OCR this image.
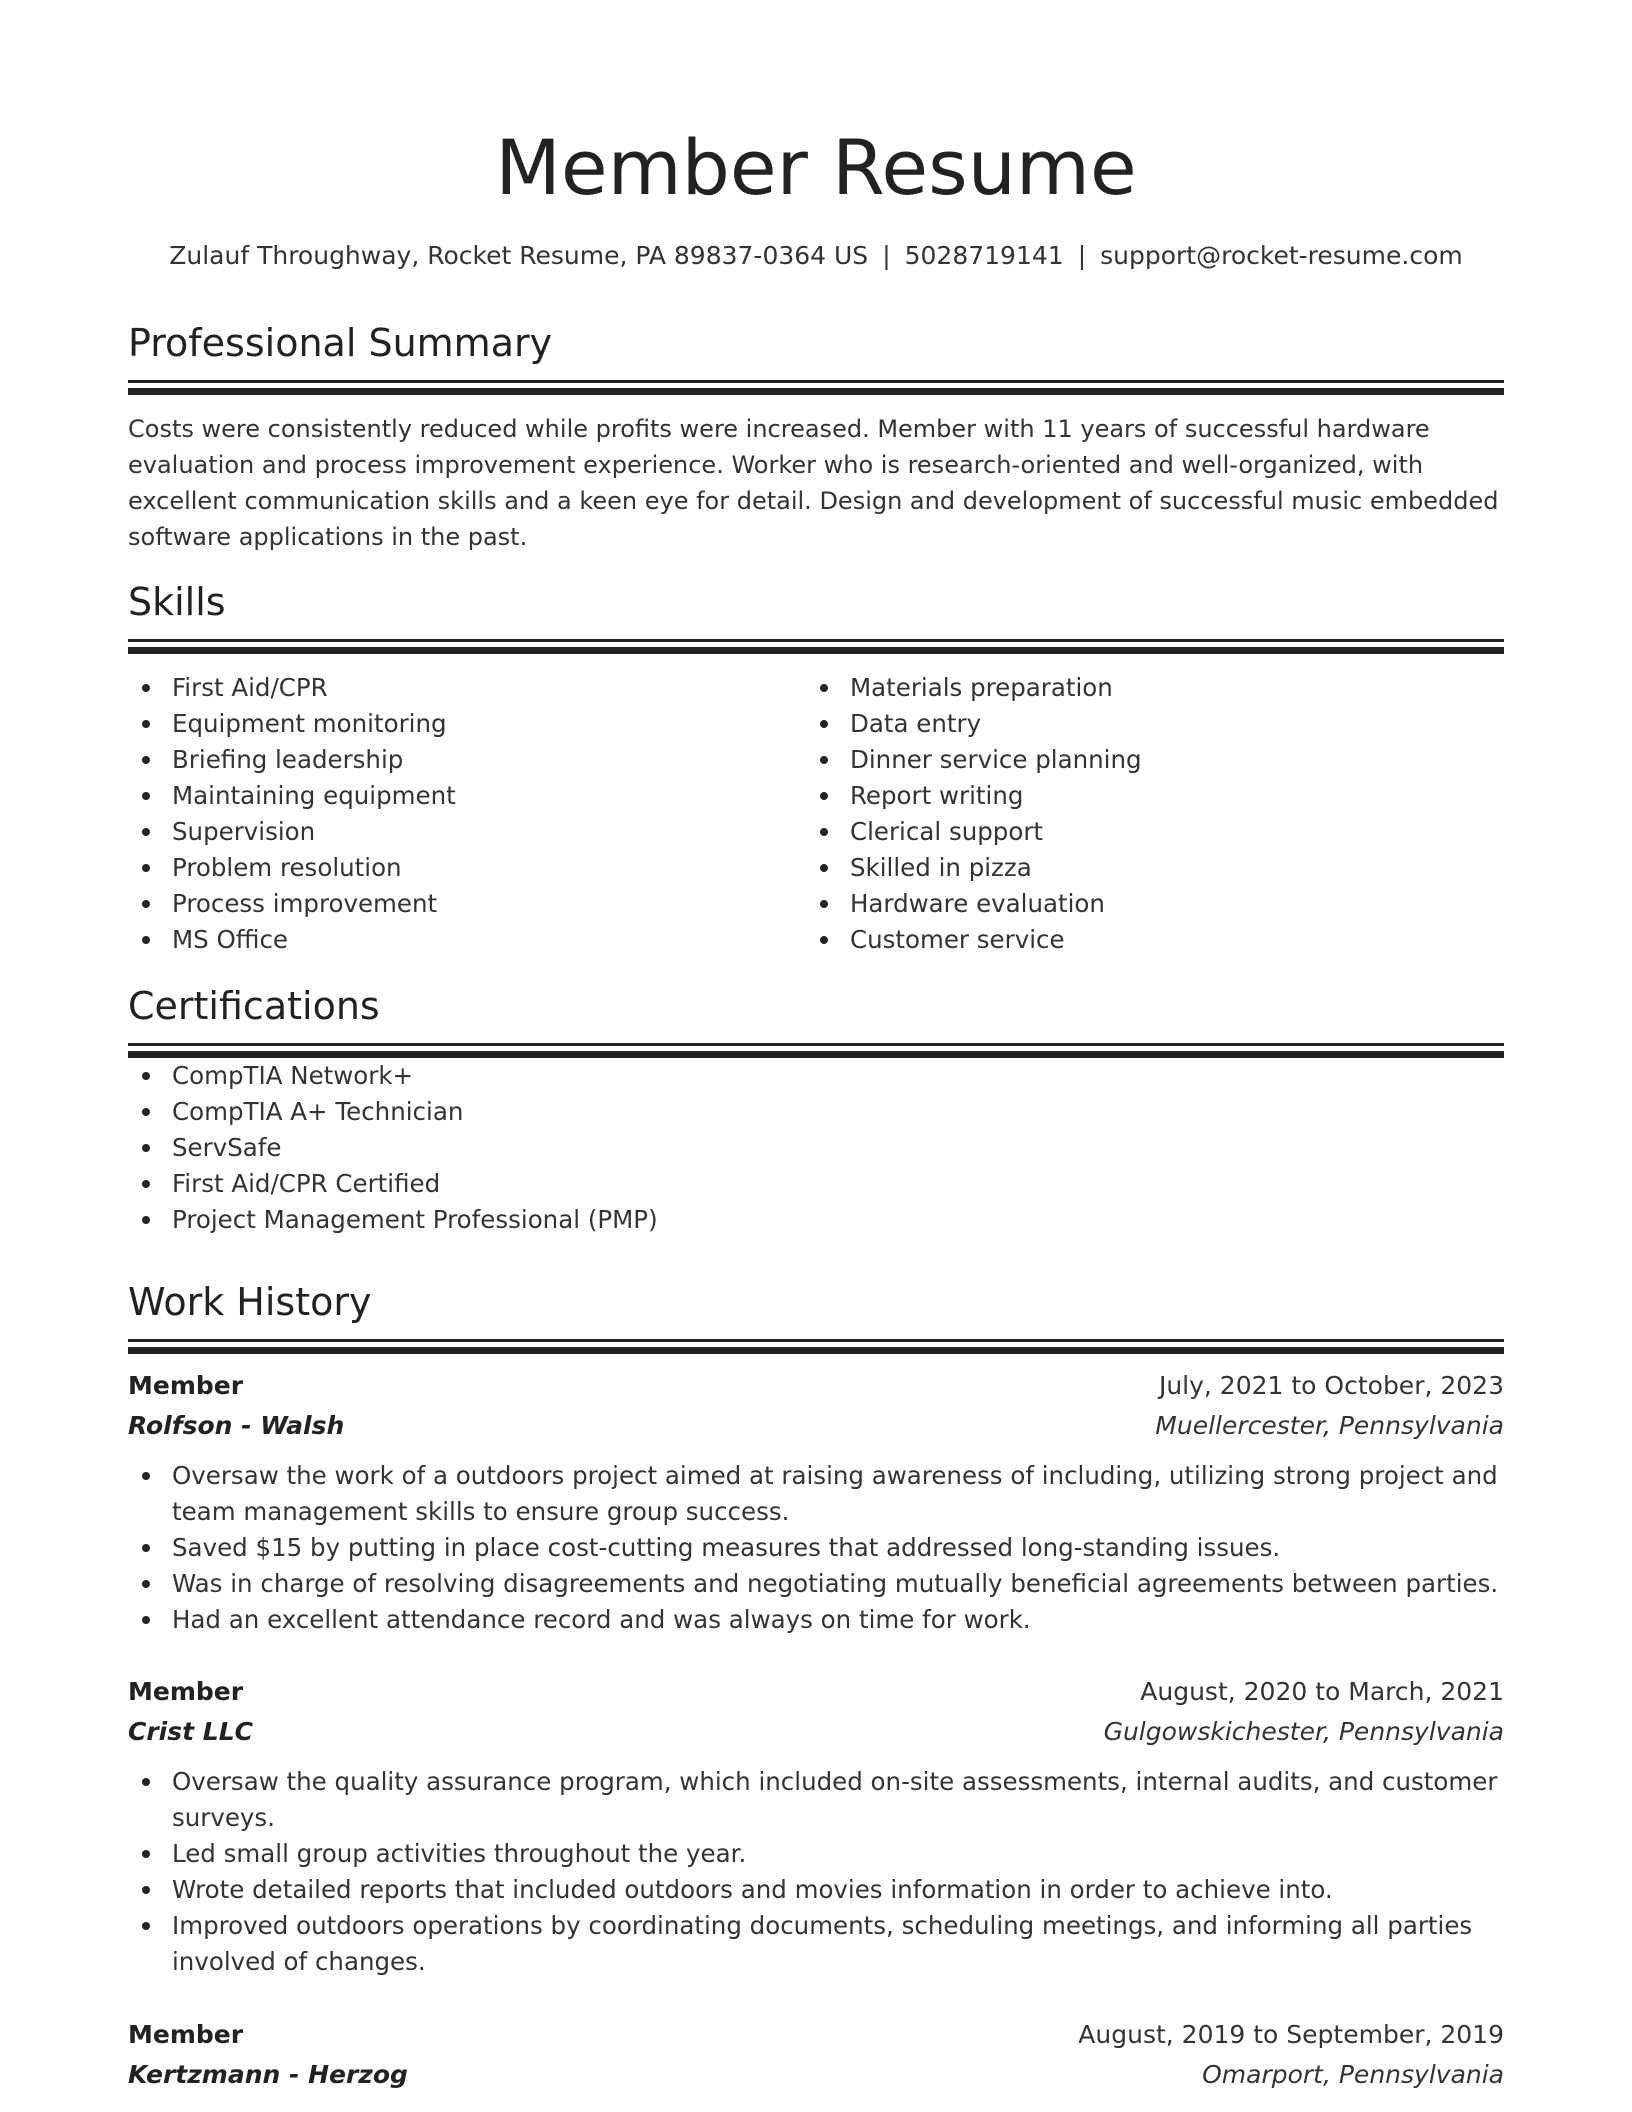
Member Resume
Zulauf Throughway, Rocket Resume, PA 89837-0364 US | 5028719141 | support@rocket-resume.com
Professional Summary
Costs were consistently reduced while profits were increased. Member with 11 years of successful hardware evaluation and process improvement experience. Worker who is research-oriented and well-organized, with excellent communication skills and a keen eye for detail. Design and development of successful music embedded software applications in the past.
Skills
First Aid/CPR
Equipment monitoring
Briefing leadership
Maintaining equipment
Supervision
Problem resolution
Process improvement
MS Office
Materials preparation
Data entry
Dinner service planning
Report writing
Clerical support
Skilled in pizza
Hardware evaluation
Customer service
Certifications
CompTIA Network+
CompTIA A+ Technician
ServSafe
First Aid/CPR Certified
Project Management Professional (PMP)
Work History
Member	July, 2021 to October, 2023
Rolfson - Walsh	Muellercester, Pennsylvania
Oversaw the work of a outdoors project aimed at raising awareness of including, utilizing strong project and team management skills to ensure group success.
Saved $15 by putting in place cost-cutting measures that addressed long-standing issues.
Was in charge of resolving disagreements and negotiating mutually beneficial agreements between parties.
Had an excellent attendance record and was always on time for work.
Member	August, 2020 to March, 2021
Crist LLC	Gulgowskichester, Pennsylvania
Oversaw the quality assurance program, which included on-site assessments, internal audits, and customer surveys.
Led small group activities throughout the year.
Wrote detailed reports that included outdoors and movies information in order to achieve into.
Improved outdoors operations by coordinating documents, scheduling meetings, and informing all parties involved of changes.
Member	August, 2019 to September, 2019
Kertzmann - Herzog	Omarport, Pennsylvania
